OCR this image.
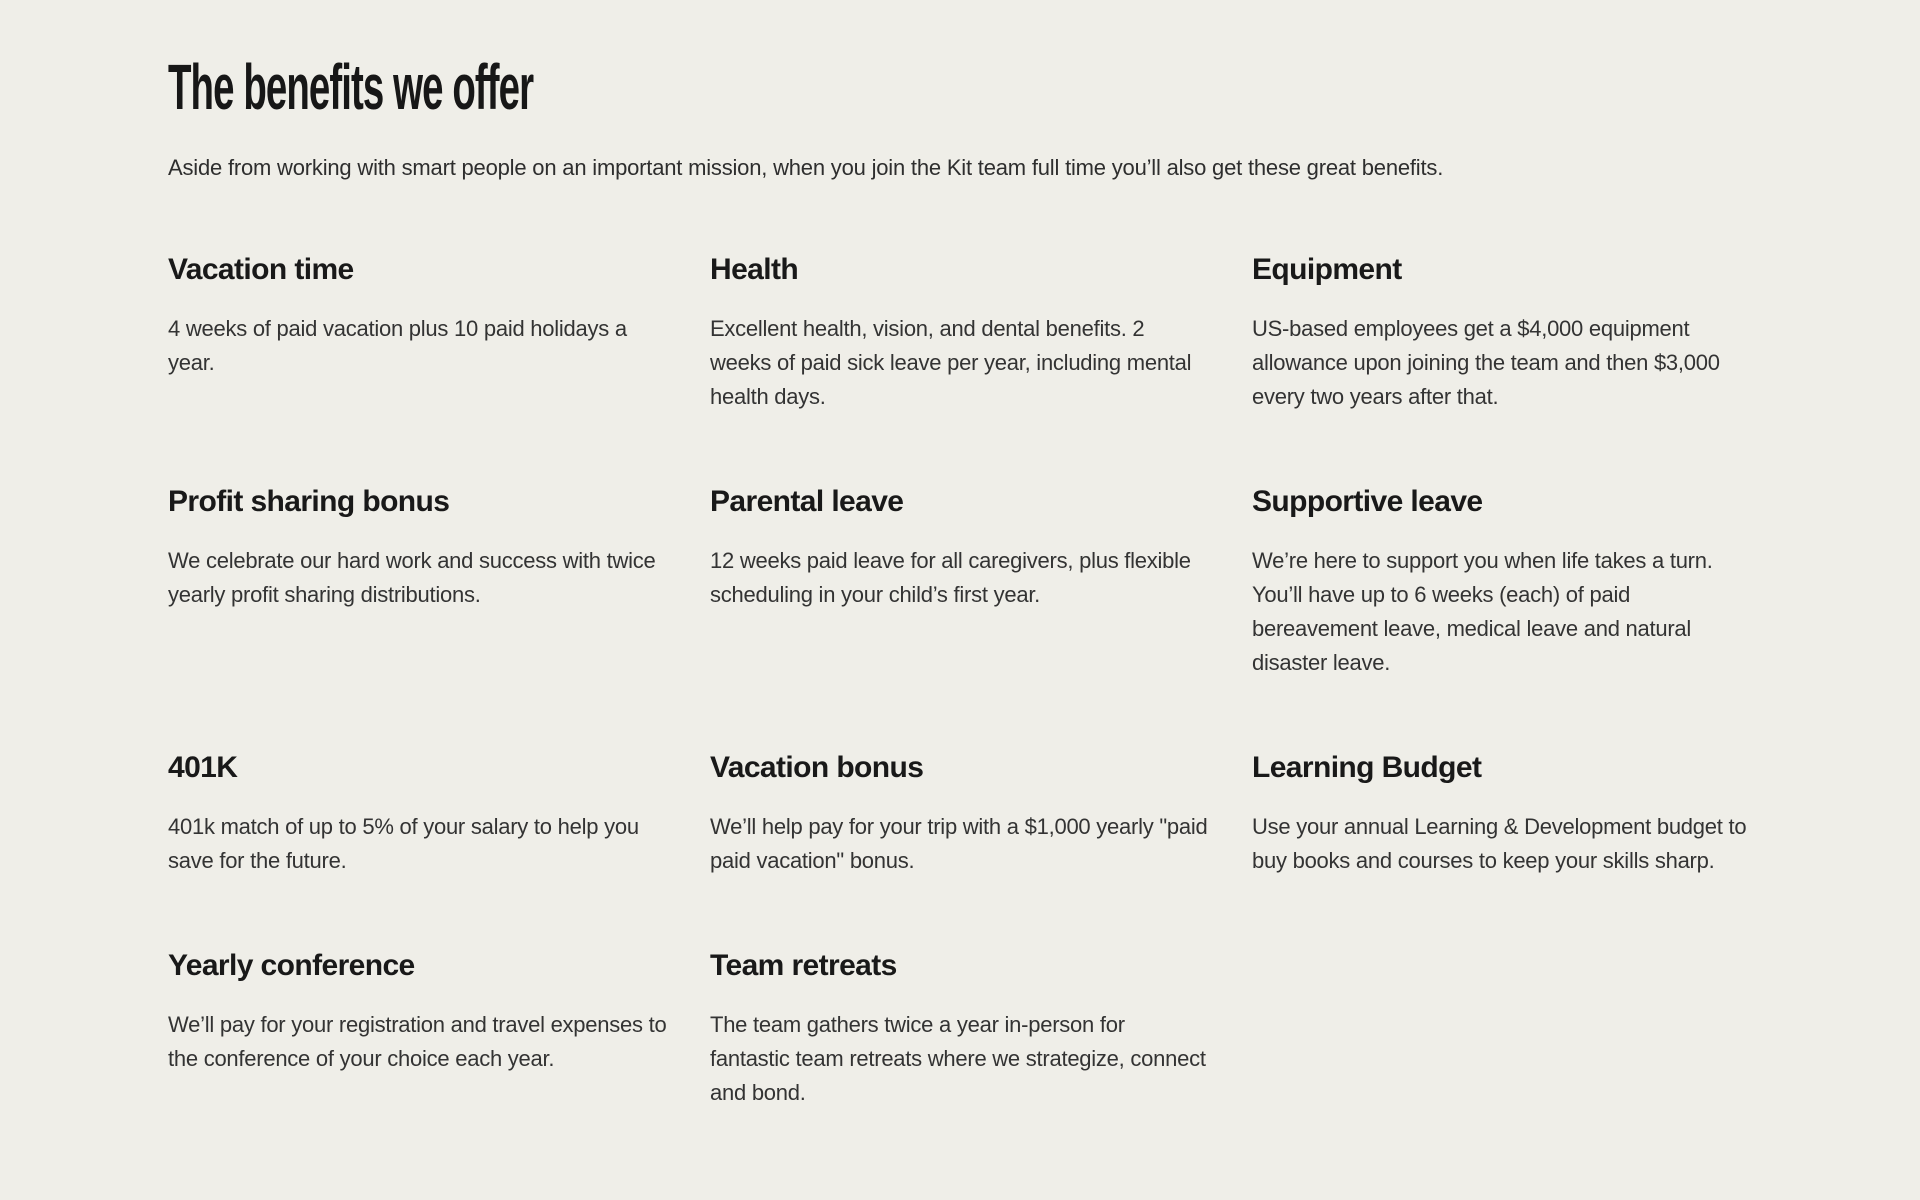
The benefits we offer

Aside from working with smart people on an important mission, when you join the Kit team full time you’ll also get these great benefits.

Vacation time

4 weeks of paid vacation plus 10 paid holidays a year.

Health

Excellent health, vision, and dental benefits. 2 weeks of paid sick leave per year, including mental health days.

Equipment

US-based employees get a $4,000 equipment allowance upon joining the team and then $3,000 every two years after that.

Profit sharing bonus

We celebrate our hard work and success with twice yearly profit sharing distributions.

Parental leave

12 weeks paid leave for all caregivers, plus flexible scheduling in your child’s first year.

Supportive leave

We’re here to support you when life takes a turn. You’ll have up to 6 weeks (each) of paid bereavement leave, medical leave and natural disaster leave.

401K

401k match of up to 5% of your salary to help you save for the future.

Vacation bonus

We’ll help pay for your trip with a $1,000 yearly "paid paid vacation" bonus.

Learning Budget

Use your annual Learning & Development budget to buy books and courses to keep your skills sharp.

Yearly conference

We’ll pay for your registration and travel expenses to the conference of your choice each year.

Team retreats

The team gathers twice a year in-person for fantastic team retreats where we strategize, connect and bond.
